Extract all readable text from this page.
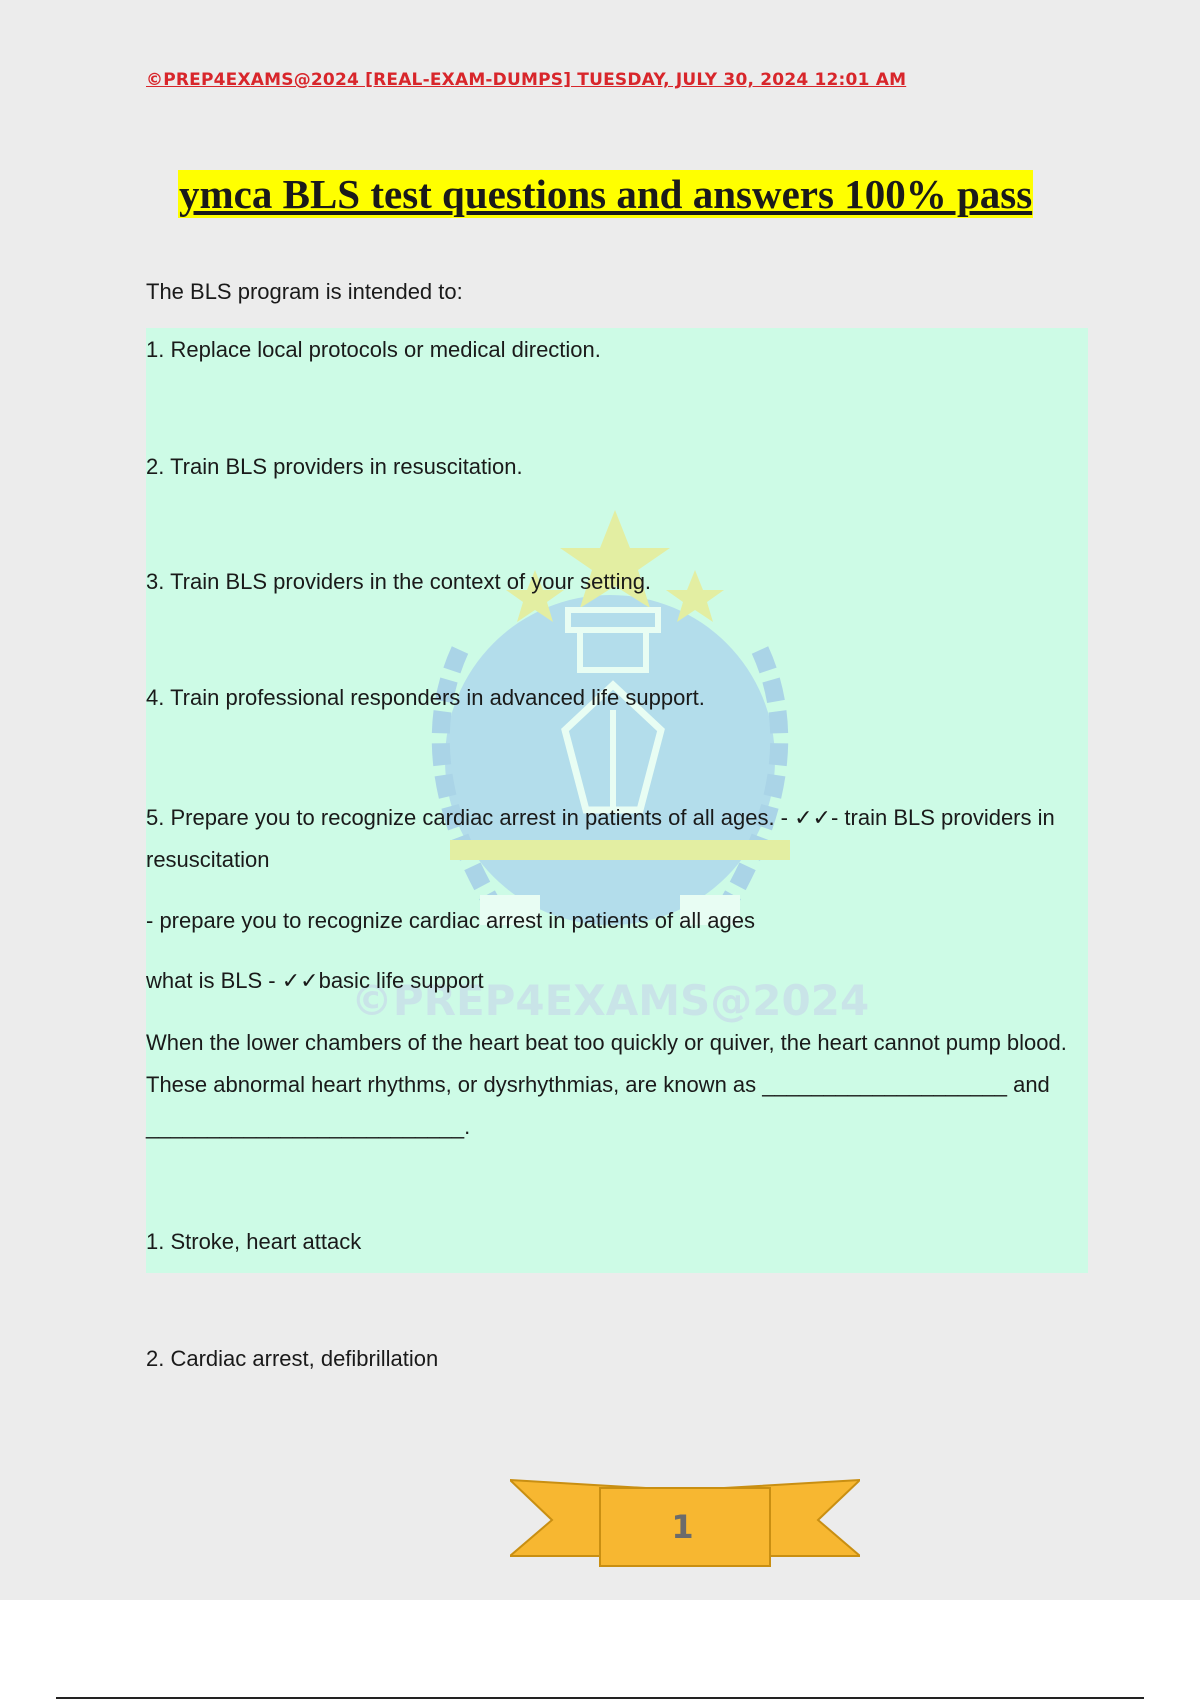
©PREP4EXAMS@2024 [REAL-EXAM-DUMPS] TUESDAY, JULY 30, 2024 12:01 AM
ymca BLS test questions and answers 100% pass
The BLS program is intended to:
©PREP4EXAMS@2024
1. Replace local protocols or medical direction.
2. Train BLS providers in resuscitation.
3. Train BLS providers in the context of your setting.
4. Train professional responders in advanced life support.
5. Prepare you to recognize cardiac arrest in patients of all ages. - ✓✓- train BLS providers in resuscitation
- prepare you to recognize cardiac arrest in patients of all ages
what is BLS - ✓✓basic life support
When the lower chambers of the heart beat too quickly or quiver, the heart cannot pump blood. These abnormal heart rhythms, or dysrhythmias, are known as ____________________ and __________________________.
1. Stroke, heart attack
2. Cardiac arrest, defibrillation
1
